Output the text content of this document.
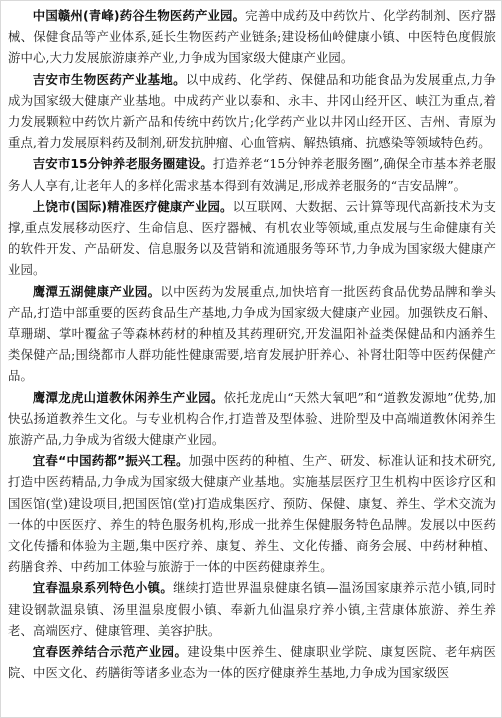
中国赣州(青峰)药谷生物医药产业园。完善中成药及中药饮片、化学药制剂、医疗器械、保健食品等产业体系,延长生物医药产业链条;建设杨仙岭健康小镇、中医特色度假旅游中心,大力发展旅游康养产业,力争成为国家级大健康产业园。

吉安市生物医药产业基地。以中成药、化学药、保健品和功能食品为发展重点,力争成为国家级大健康产业基地。中成药产业以泰和、永丰、井冈山经开区、峡江为重点,着力发展颗粒中药饮片新产品和传统中药饮片;化学药产业以井冈山经开区、吉州、青原为重点,着力发展原料药及制剂,研发抗肿瘤、心血管病、解热镇痛、抗感染等领域特色药。

吉安市15分钟养老服务圈建设。打造养老“15分钟养老服务圈”,确保全市基本养老服务人人享有,让老年人的多样化需求基本得到有效满足,形成养老服务的“吉安品牌”。

上饶市(国际)精准医疗健康产业园。以互联网、大数据、云计算等现代高新技术为支撑,重点发展移动医疗、生命信息、医疗器械、有机农业等领域,重点发展与生命健康有关的软件开发、产品研发、信息服务以及营销和流通服务等环节,力争成为国家级大健康产业园。

鹰潭五湖健康产业园。以中医药为发展重点,加快培育一批医药食品优势品牌和拳头产品,打造中部重要的医药食品生产基地,力争成为国家级大健康产业园。加强铁皮石斛、草珊瑚、掌叶覆盆子等森林药材的种植及其药理研究,开发温阳补益类保健品和内涵养生类保健产品;围绕都市人群功能性健康需要,培育发展护肝养心、补肾壮阳等中医药保健产品。

鹰潭龙虎山道教休闲养生产业园。依托龙虎山“天然大氧吧”和“道教发源地”优势,加快弘扬道教养生文化。与专业机构合作,打造普及型体验、进阶型及中高端道教休闲养生旅游产品,力争成为省级大健康产业园。

宜春“中国药都”振兴工程。加强中医药的种植、生产、研发、标准认证和技术研究,打造中医药精品,力争成为国家级大健康产业基地。实施基层医疗卫生机构中医诊疗区和国医馆(堂)建设项目,把国医馆(堂)打造成集医疗、预防、保健、康复、养生、学术交流为一体的中医医疗、养生的特色服务机构,形成一批养生保健服务特色品牌。发展以中医药文化传播和体验为主题,集中医疗养、康复、养生、文化传播、商务会展、中药材种植、药膳食养、中药加工体验与旅游于一体的中医药健康养生。

宜春温泉系列特色小镇。继续打造世界温泉健康名镇—温汤国家康养示范小镇,同时建设钢款温泉镇、汤里温泉度假小镇、奉新九仙温泉疗养小镇,主营康体旅游、养生养老、高端医疗、健康管理、美容护肤。

宜春医养结合示范产业园。建设集中医养生、健康职业学院、康复医院、老年病医院、中医文化、药膳街等诸多业态为一体的医疗健康养生基地,力争成为国家级医
